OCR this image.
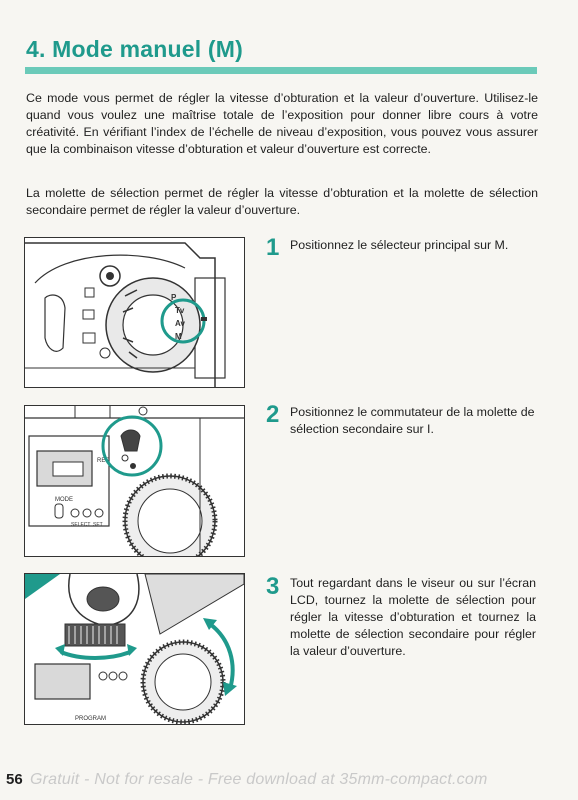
4. Mode manuel (M)
Ce mode vous permet de régler la vitesse d’obturation et la valeur d’ouverture. Utilisez-le quand vous voulez une maîtrise totale de l’exposition pour donner libre cours à votre créativité. En vérifiant l’index de l’échelle de niveau d’exposition, vous pouvez vous assurer que la combinaison vitesse d’obturation et valeur d’ouverture est correcte.
La molette de sélection permet de régler la vitesse d’obturation et la molette de sélection secondaire permet de régler la valeur d’ouverture.
P
Tv
Av
M
1 Positionnez le sélecteur principal sur M.
REC
MODE
SELECT SET
2 Positionnez le commutateur de la molette de sélection secondaire sur I.
PROGRAM
3 Tout regardant dans le viseur ou sur l’écran LCD, tournez la molette de sélection pour régler la vitesse d’obturation et tournez la molette de sélection secondaire pour régler la valeur d’ouverture.
56 Gratuit - Not for resale - Free download at 35mm-compact.com
